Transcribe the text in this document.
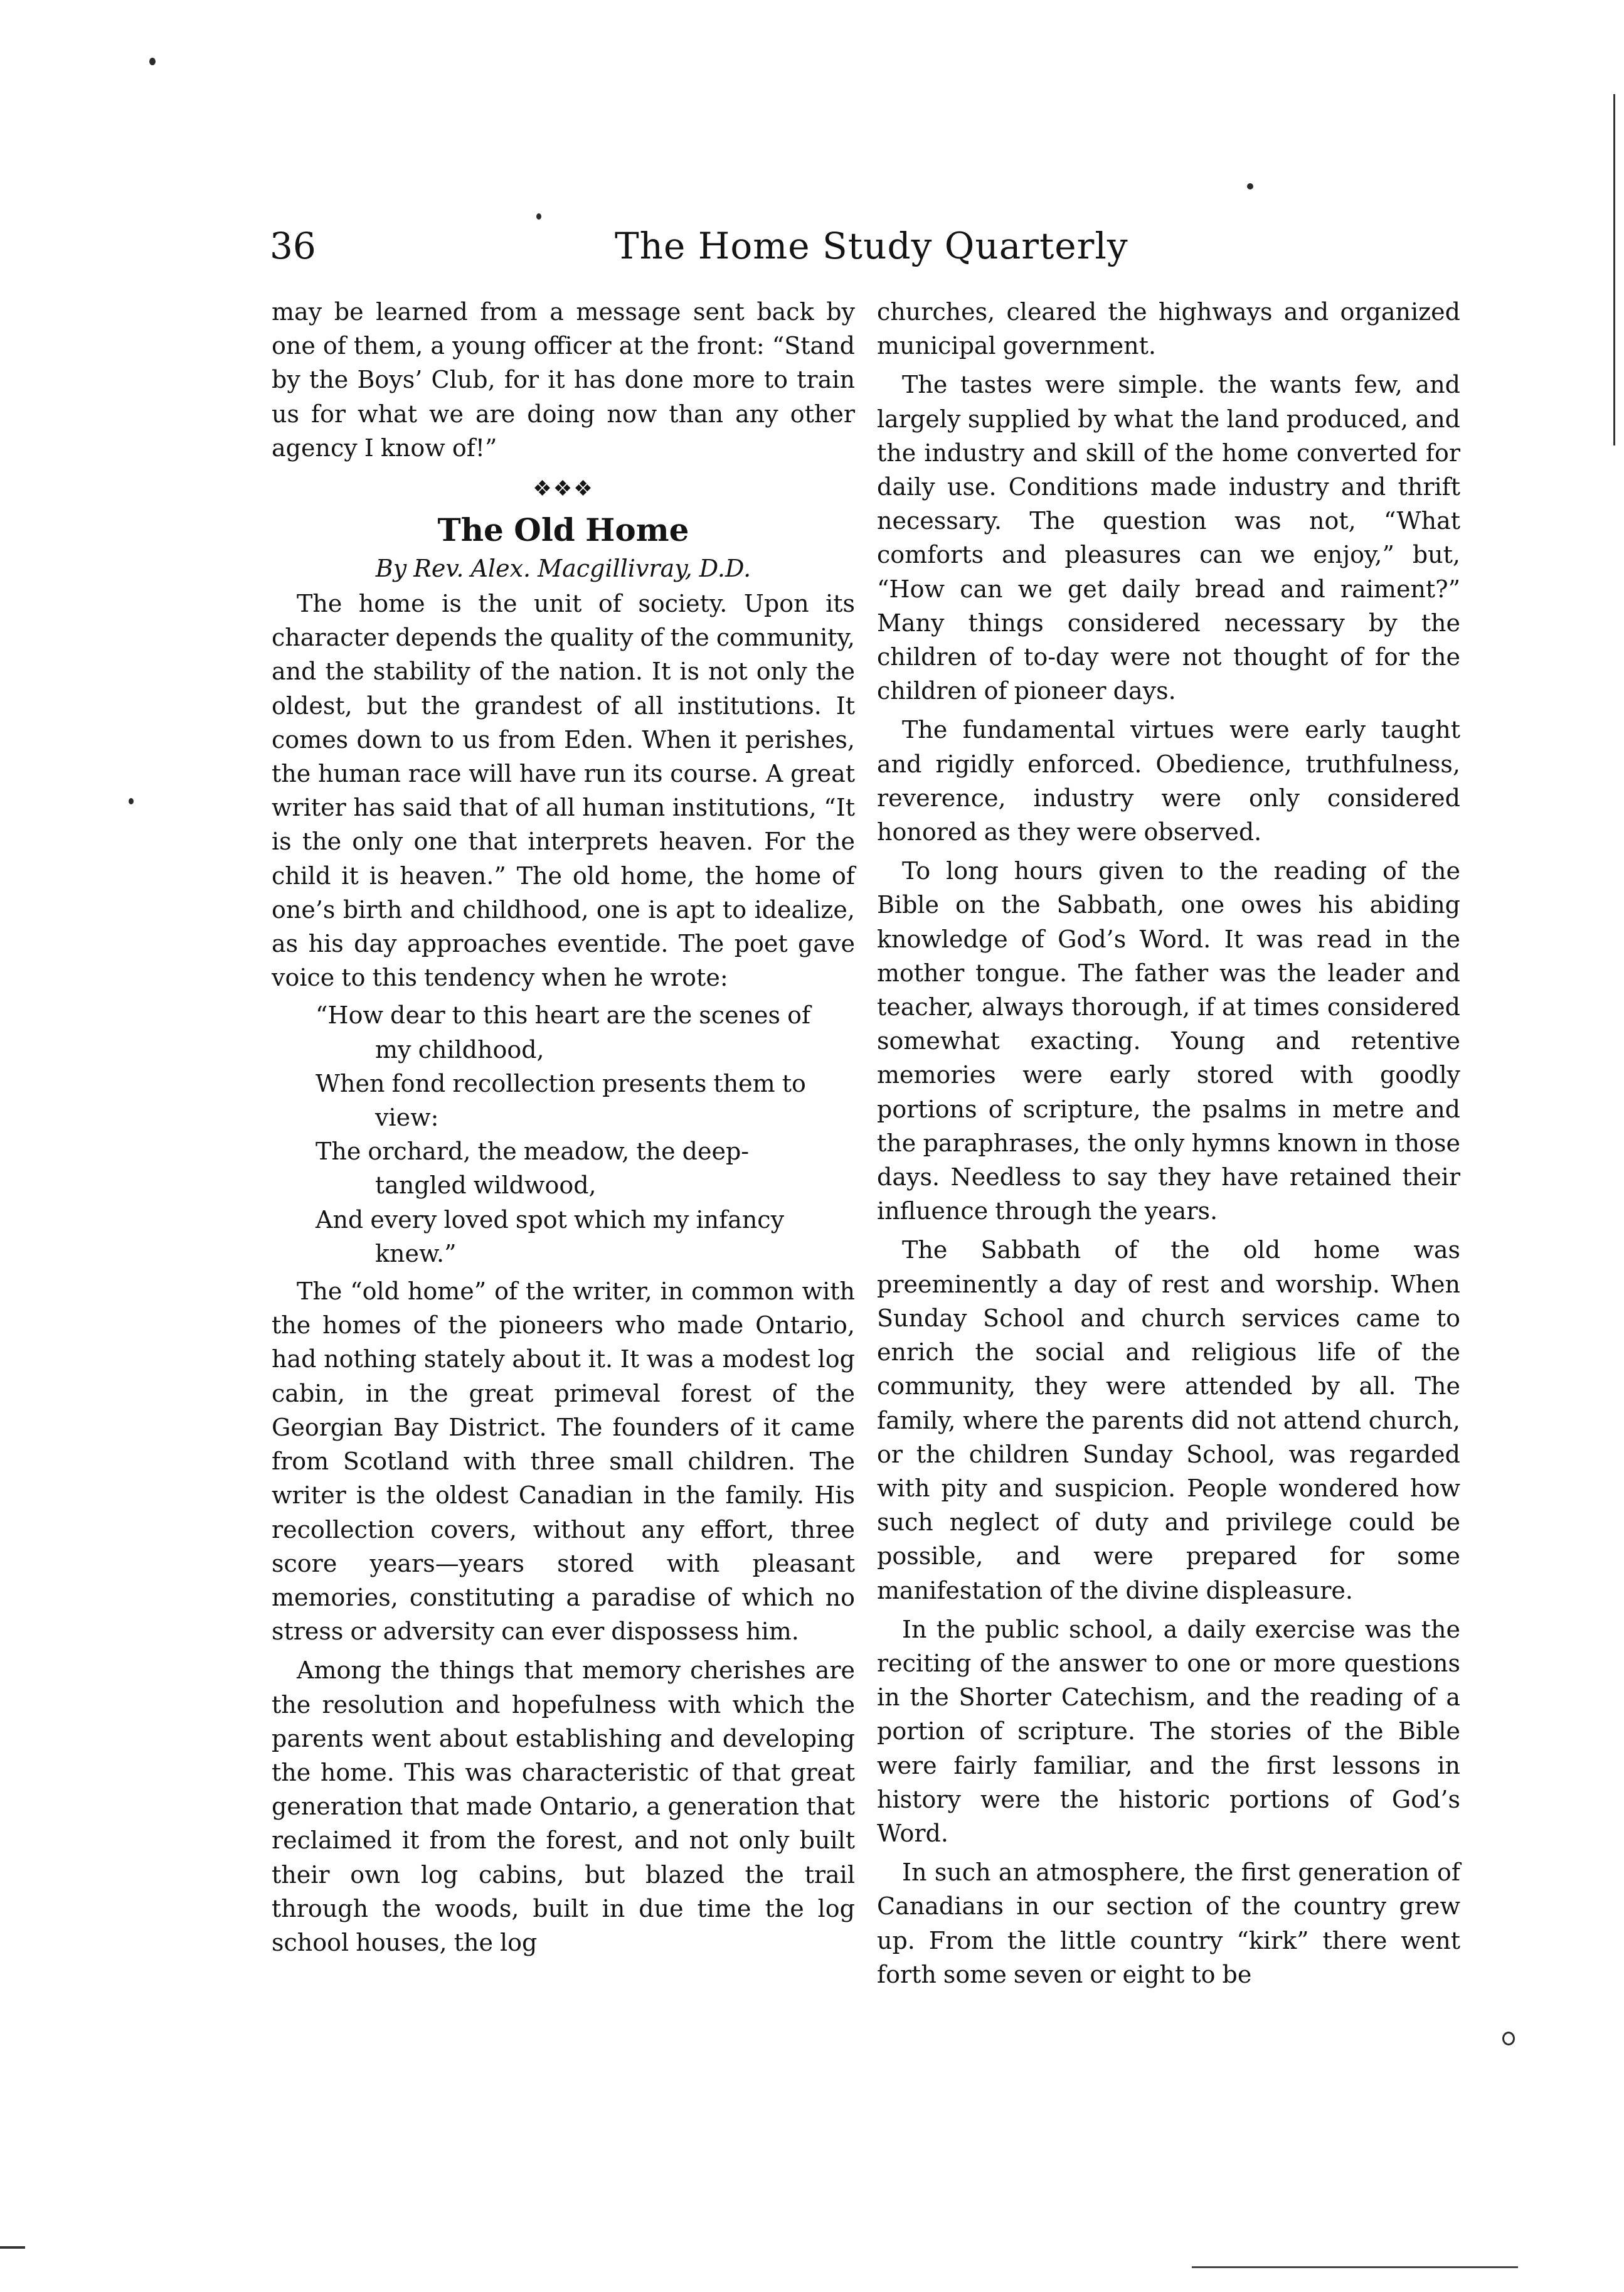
36	The Home Study Quarterly

may be learned from a message sent back by one of them, a young officer at the front: “Stand by the Boys’ Club, for it has done more to train us for what we are doing now than any other agency I know of!”

❖❖❖
The Old Home
By Rev. Alex. Macgillivray, D.D.

The home is the unit of society. Upon its character depends the quality of the community, and the stability of the nation. It is not only the oldest, but the grandest of all institutions. It comes down to us from Eden. When it perishes, the human race will have run its course. A great writer has said that of all human institutions, “It is the only one that interprets heaven. For the child it is heaven.” The old home, the home of one’s birth and childhood, one is apt to idealize, as his day approaches eventide. The poet gave voice to this tendency when he wrote:

“How dear to this heart are the scenes of

my childhood,

When fond recollection presents them to

view:

The orchard, the meadow, the deep-

tangled wildwood,

And every loved spot which my infancy

knew.”

The “old home” of the writer, in common with the homes of the pioneers who made Ontario, had nothing stately about it. It was a modest log cabin, in the great primeval forest of the Georgian Bay District. The founders of it came from Scotland with three small children. The writer is the oldest Canadian in the family. His recollection covers, without any effort, three score years—years stored with pleasant memories, constituting a paradise of which no stress or adversity can ever dispossess him.

Among the things that memory cherishes are the resolution and hopefulness with which the parents went about establishing and developing the home. This was characteristic of that great generation that made Ontario, a generation that reclaimed it from the forest, and not only built their own log cabins, but blazed the trail through the woods, built in due time the log school houses, the log

churches, cleared the highways and organized municipal government.

The tastes were simple. the wants few, and largely supplied by what the land produced, and the industry and skill of the home converted for daily use. Conditions made industry and thrift necessary. The question was not, “What comforts and pleasures can we enjoy,” but, “How can we get daily bread and raiment?” Many things considered necessary by the children of to-day were not thought of for the children of pioneer days.

The fundamental virtues were early taught and rigidly enforced. Obedience, truthfulness, reverence, industry were only considered honored as they were observed.

To long hours given to the reading of the Bible on the Sabbath, one owes his abiding knowledge of God’s Word. It was read in the mother tongue. The father was the leader and teacher, always thorough, if at times considered somewhat exacting. Young and retentive memories were early stored with goodly portions of scripture, the psalms in metre and the paraphrases, the only hymns known in those days. Needless to say they have retained their influence through the years.

The Sabbath of the old home was preeminently a day of rest and worship. When Sunday School and church services came to enrich the social and religious life of the community, they were attended by all. The family, where the parents did not attend church, or the children Sunday School, was regarded with pity and suspicion. People wondered how such neglect of duty and privilege could be possible, and were prepared for some manifestation of the divine displeasure.

In the public school, a daily exercise was the reciting of the answer to one or more questions in the Shorter Catechism, and the reading of a portion of scripture. The stories of the Bible were fairly familiar, and the first lessons in history were the historic portions of God’s Word.

In such an atmosphere, the first generation of Canadians in our section of the country grew up. From the little country “kirk” there went forth some seven or eight to be
